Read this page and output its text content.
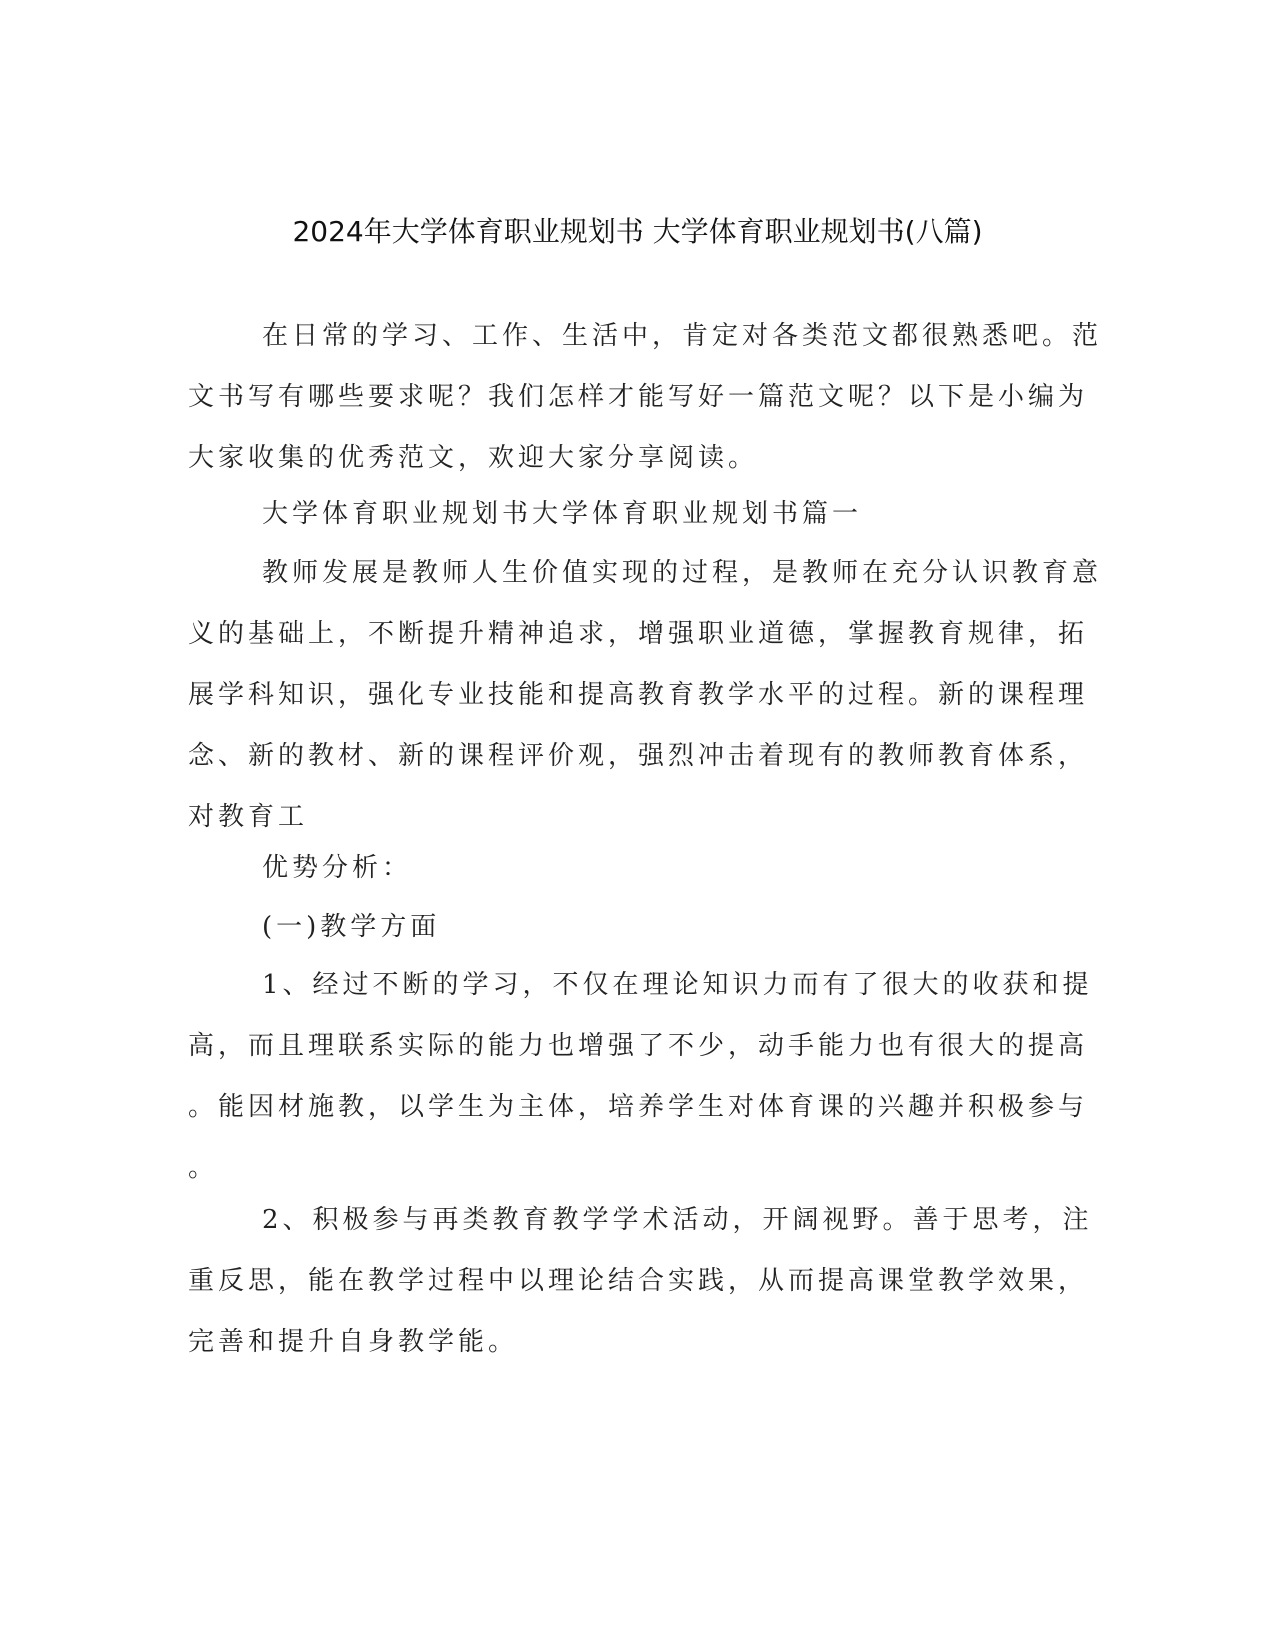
2024年大学体育职业规划书 大学体育职业规划书(八篇)
在日常的学习、工作、生活中，肯定对各类范文都很熟悉吧。范
文书写有哪些要求呢？我们怎样才能写好一篇范文呢？以下是小编为
大家收集的优秀范文，欢迎大家分享阅读。
大学体育职业规划书大学体育职业规划书篇一
教师发展是教师人生价值实现的过程，是教师在充分认识教育意
义的基础上，不断提升精神追求，增强职业道德，掌握教育规律，拓
展学科知识，强化专业技能和提高教育教学水平的过程。新的课程理
念、新的教材、新的课程评价观，强烈冲击着现有的教师教育体系，
对教育工
优势分析：
(一)教学方面
1、经过不断的学习，不仅在理论知识力而有了很大的收获和提
高，而且理联系实际的能力也增强了不少，动手能力也有很大的提高
。能因材施教，以学生为主体，培养学生对体育课的兴趣并积极参与
。
2、积极参与再类教育教学学术活动，开阔视野。善于思考，注
重反思，能在教学过程中以理论结合实践，从而提高课堂教学效果，
完善和提升自身教学能。
